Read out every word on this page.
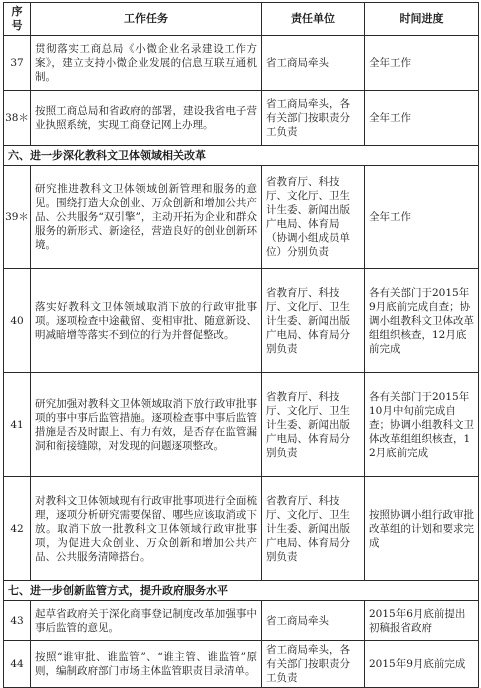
序号	工作任务	责任单位	时间进度
37	贯彻落实工商总局《小微企业名录建设工作方案》，建立支持小微企业发展的信息互联互通机制。	省工商局牵头	全年工作
38＊	按照工商总局和省政府的部署，建设我省电子营业执照系统，实现工商登记网上办理。	省工商局牵头，各有关部门按职责分工负责	全年工作
六、进一步深化教科文卫体领域相关改革			
39＊	研究推进教科文卫体领域创新管理和服务的意见。围绕打造大众创业、万众创新和增加公共产品、公共服务“双引擎”，主动开拓为企业和群众服务的新形式、新途径，营造良好的创业创新环境。	省教育厅、科技厅、文化厅、卫生计生委、新闻出版广电局、体育局（协调小组成员单位）分别负责	全年工作
40	落实好教科文卫体领域取消下放的行政审批事项。逐项检查中途截留、变相审批、随意新设、明减暗增等落实不到位的行为并督促整改。	省教育厅、科技厅、文化厅、卫生计生委、新闻出版广电局、体育局分别负责	各有关部门于2015年9月底前完成自查；协调小组教科文卫体改革组组织核查，12月底前完成
41	研究加强对教科文卫体领域取消下放行政审批事项的事中事后监管措施。逐项检查事中事后监管措施是否及时跟上、有力有效，是否存在监管漏洞和衔接缝隙，对发现的问题逐项整改。	省教育厅、科技厅、文化厅、卫生计生委、新闻出版广电局、体育局分别负责	各有关部门于2015年10月中旬前完成自查；协调小组教科文卫体改革组组织核查，12月底前完成
42	对教科文卫体领域现有行政审批事项进行全面梳理，逐项分析研究需要保留、哪些应该取消或下放。取消下放一批教科文卫体领域行政审批事项，为促进大众创业、万众创新和增加公共产品、公共服务清障搭台。	省教育厅、科技厅、文化厅、卫生计生委、新闻出版广电局、体育局分别负责	按照协调小组行政审批改革组的计划和要求完成
七、进一步创新监管方式，提升政府服务水平			
43	起草省政府关于深化商事登记制度改革加强事中事后监管的意见。	省工商局牵头	2015年6月底前提出初稿报省政府
44	按照“谁审批、谁监管”、“谁主管、谁监管”原则，编制政府部门市场主体监管职责目录清单。	省工商局牵头，各有关部门按职责分工负责	2015年9月底前完成
